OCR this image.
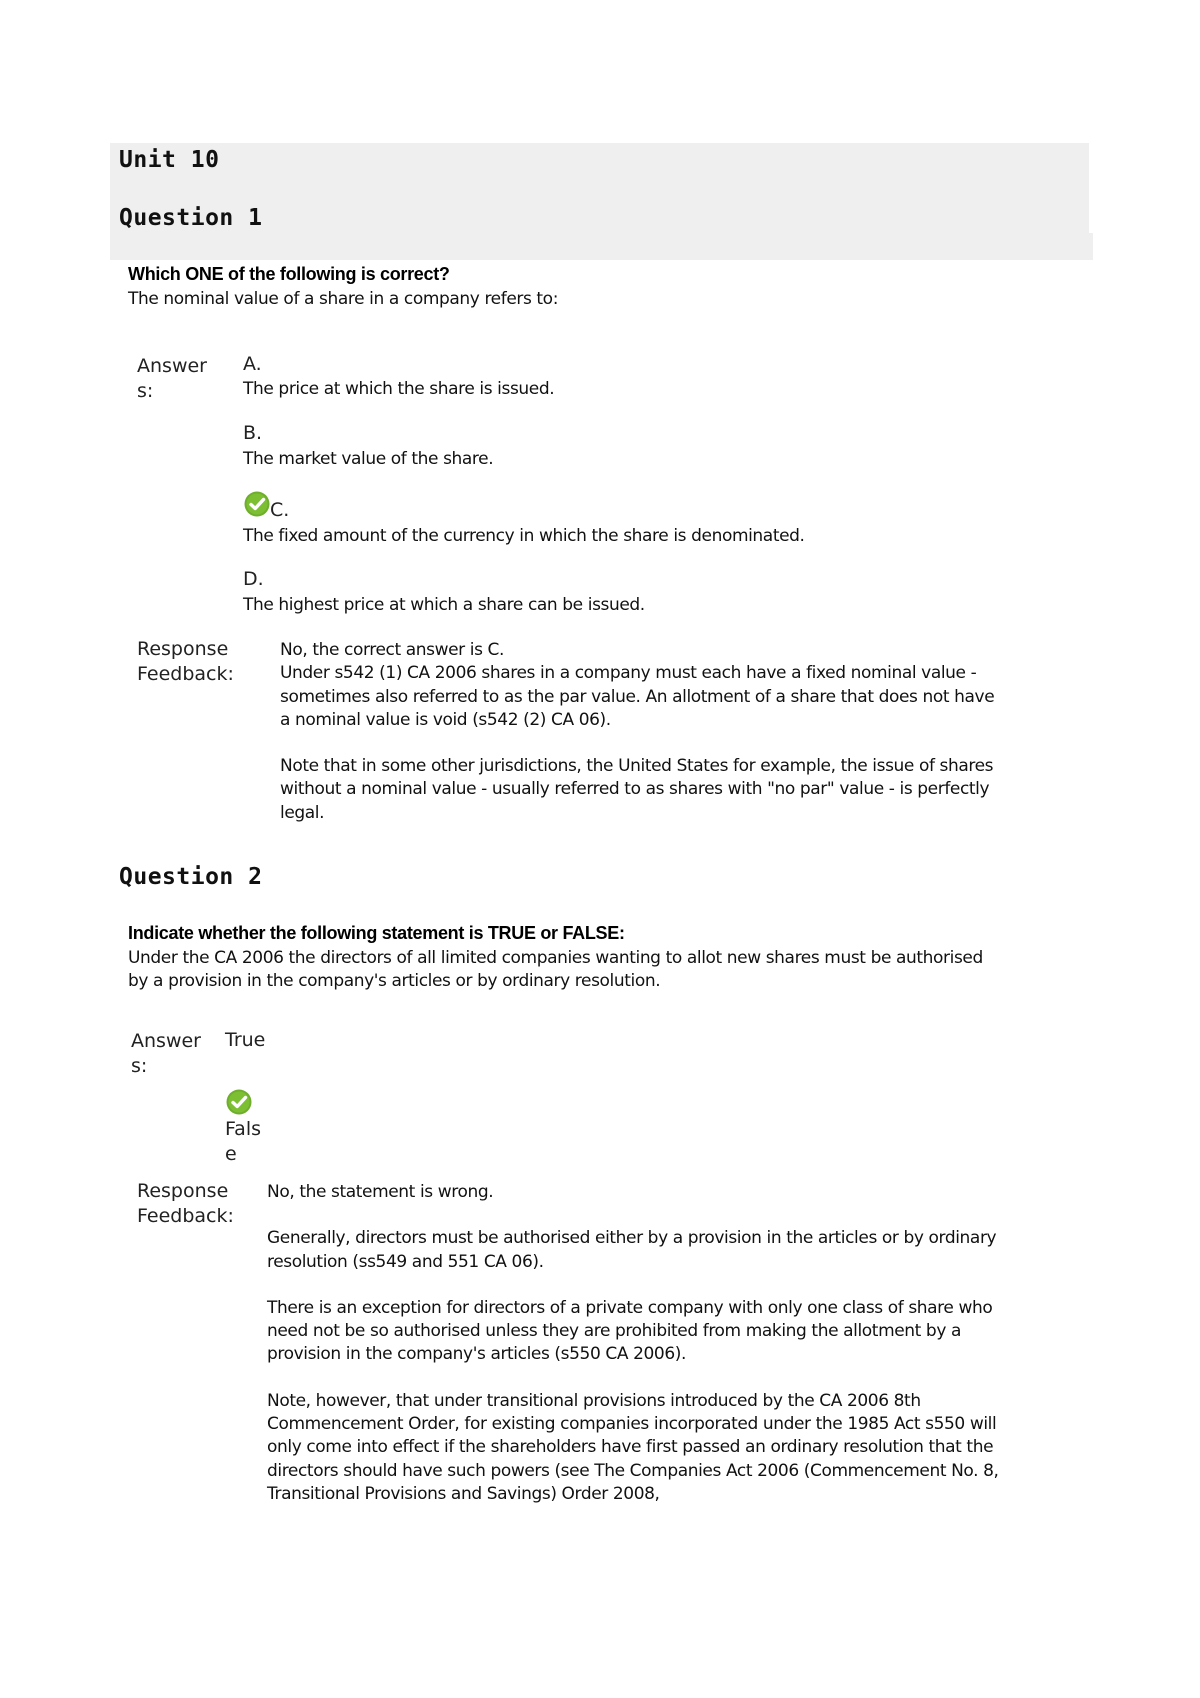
Unit 10
Question 1

Which ONE of the following is correct?

The nominal value of a share in a company refers to:

Answer
s:
A.
The price at which the share is issued.
B.
The market value of the share.
C.
The fixed amount of the currency in which the share is denominated.
D.
The highest price at which a share can be issued.
Response
Feedback:

No, the correct answer is C.

Under s542 (1) CA 2006 shares in a company must each have a fixed nominal value - sometimes also referred to as the par value. An allotment of a share that does not have a nominal value is void (s542 (2) CA 06).

Note that in some other jurisdictions, the United States for example, the issue of shares without a nominal value - usually referred to as shares with "no par" value - is perfectly legal.

Question 2

Indicate whether the following statement is TRUE or FALSE:

Under the CA 2006 the directors of all limited companies wanting to allot new shares must be authorised by a provision in the company's articles or by ordinary resolution.

Answer
s:
True
Fals
e
Response
Feedback:

No, the statement is wrong.

Generally, directors must be authorised either by a provision in the articles or by ordinary resolution (ss549 and 551 CA 06).

There is an exception for directors of a private company with only one class of share who need not be so authorised unless they are prohibited from making the allotment by a provision in the company's articles (s550 CA 2006).

Note, however, that under transitional provisions introduced by the CA 2006 8th Commencement Order, for existing companies incorporated under the 1985 Act s550 will only come into effect if the shareholders have first passed an ordinary resolution that the directors should have such powers (see The Companies Act 2006 (Commencement No. 8, Transitional Provisions and Savings) Order 2008,
